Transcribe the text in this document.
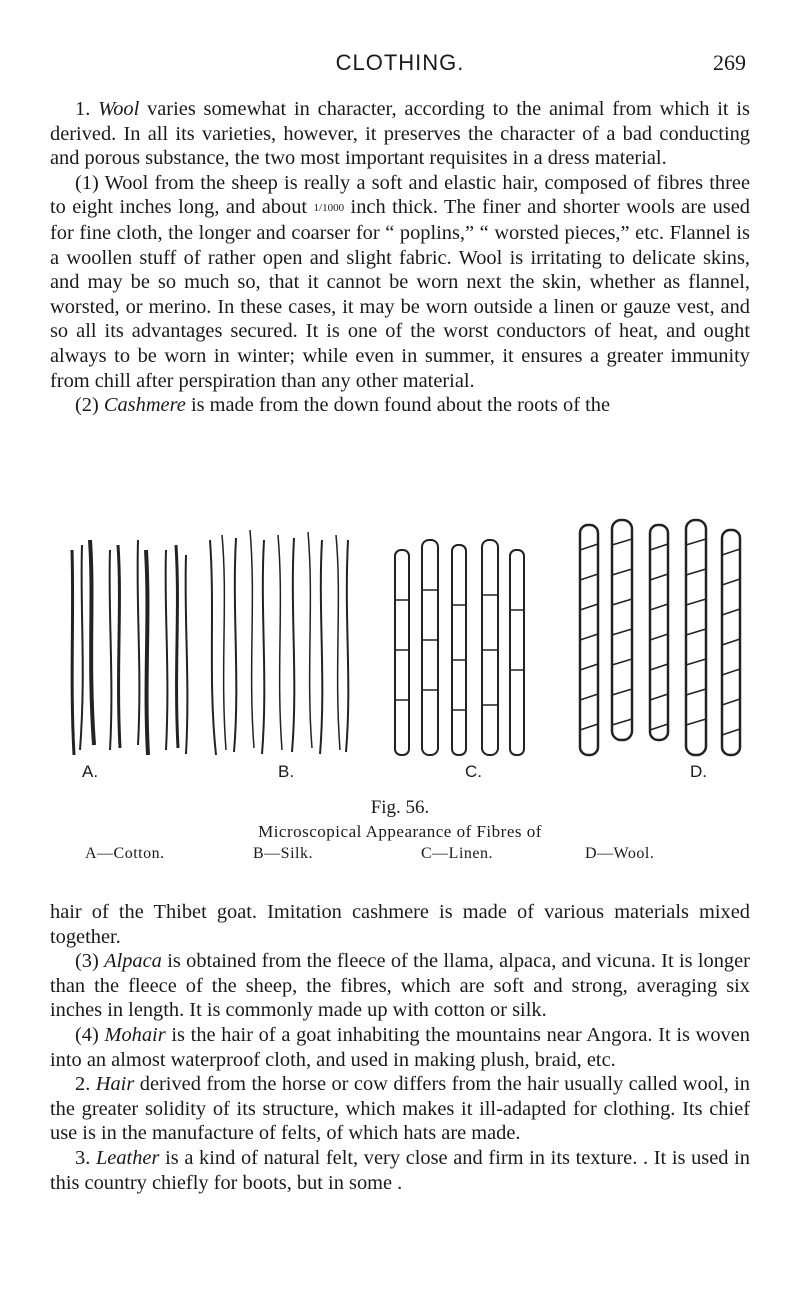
CLOTHING.	269

1. Wool varies somewhat in character, according to the animal from which it is derived. In all its varieties, however, it preserves the character of a bad conducting and porous substance, the two most important requisites in a dress material.

(1) Wool from the sheep is really a soft and elastic hair, composed of fibres three to eight inches long, and about 1/1000 inch thick. The finer and shorter wools are used for fine cloth, the longer and coarser for “ poplins,” “ worsted pieces,” etc. Flannel is a woollen stuff of rather open and slight fabric. Wool is irritating to delicate skins, and may be so much so, that it cannot be worn next the skin, whether as flannel, worsted, or merino. In these cases, it may be worn outside a linen or gauze vest, and so all its advantages secured. It is one of the worst conductors of heat, and ought always to be worn in winter; while even in summer, it ensures a greater immunity from chill after perspiration than any other material.

(2) Cashmere is made from the down found about the roots of the

A.	B.	C.	D.
Fig. 56.
Microscopical Appearance of Fibres of
A—Cotton.	B—Silk.	C—Linen.	D—Wool.

hair of the Thibet goat. Imitation cashmere is made of various materials mixed together.

(3) Alpaca is obtained from the fleece of the llama, alpaca, and vicuna. It is longer than the fleece of the sheep, the fibres, which are soft and strong, averaging six inches in length. It is commonly made up with cotton or silk.

(4) Mohair is the hair of a goat inhabiting the mountains near Angora. It is woven into an almost waterproof cloth, and used in making plush, braid, etc.

2. Hair derived from the horse or cow differs from the hair usually called wool, in the greater solidity of its structure, which makes it ill-adapted for clothing. Its chief use is in the manufacture of felts, of which hats are made.

3. Leather is a kind of natural felt, very close and firm in its texture. . It is used in this country chiefly for boots, but in some .
